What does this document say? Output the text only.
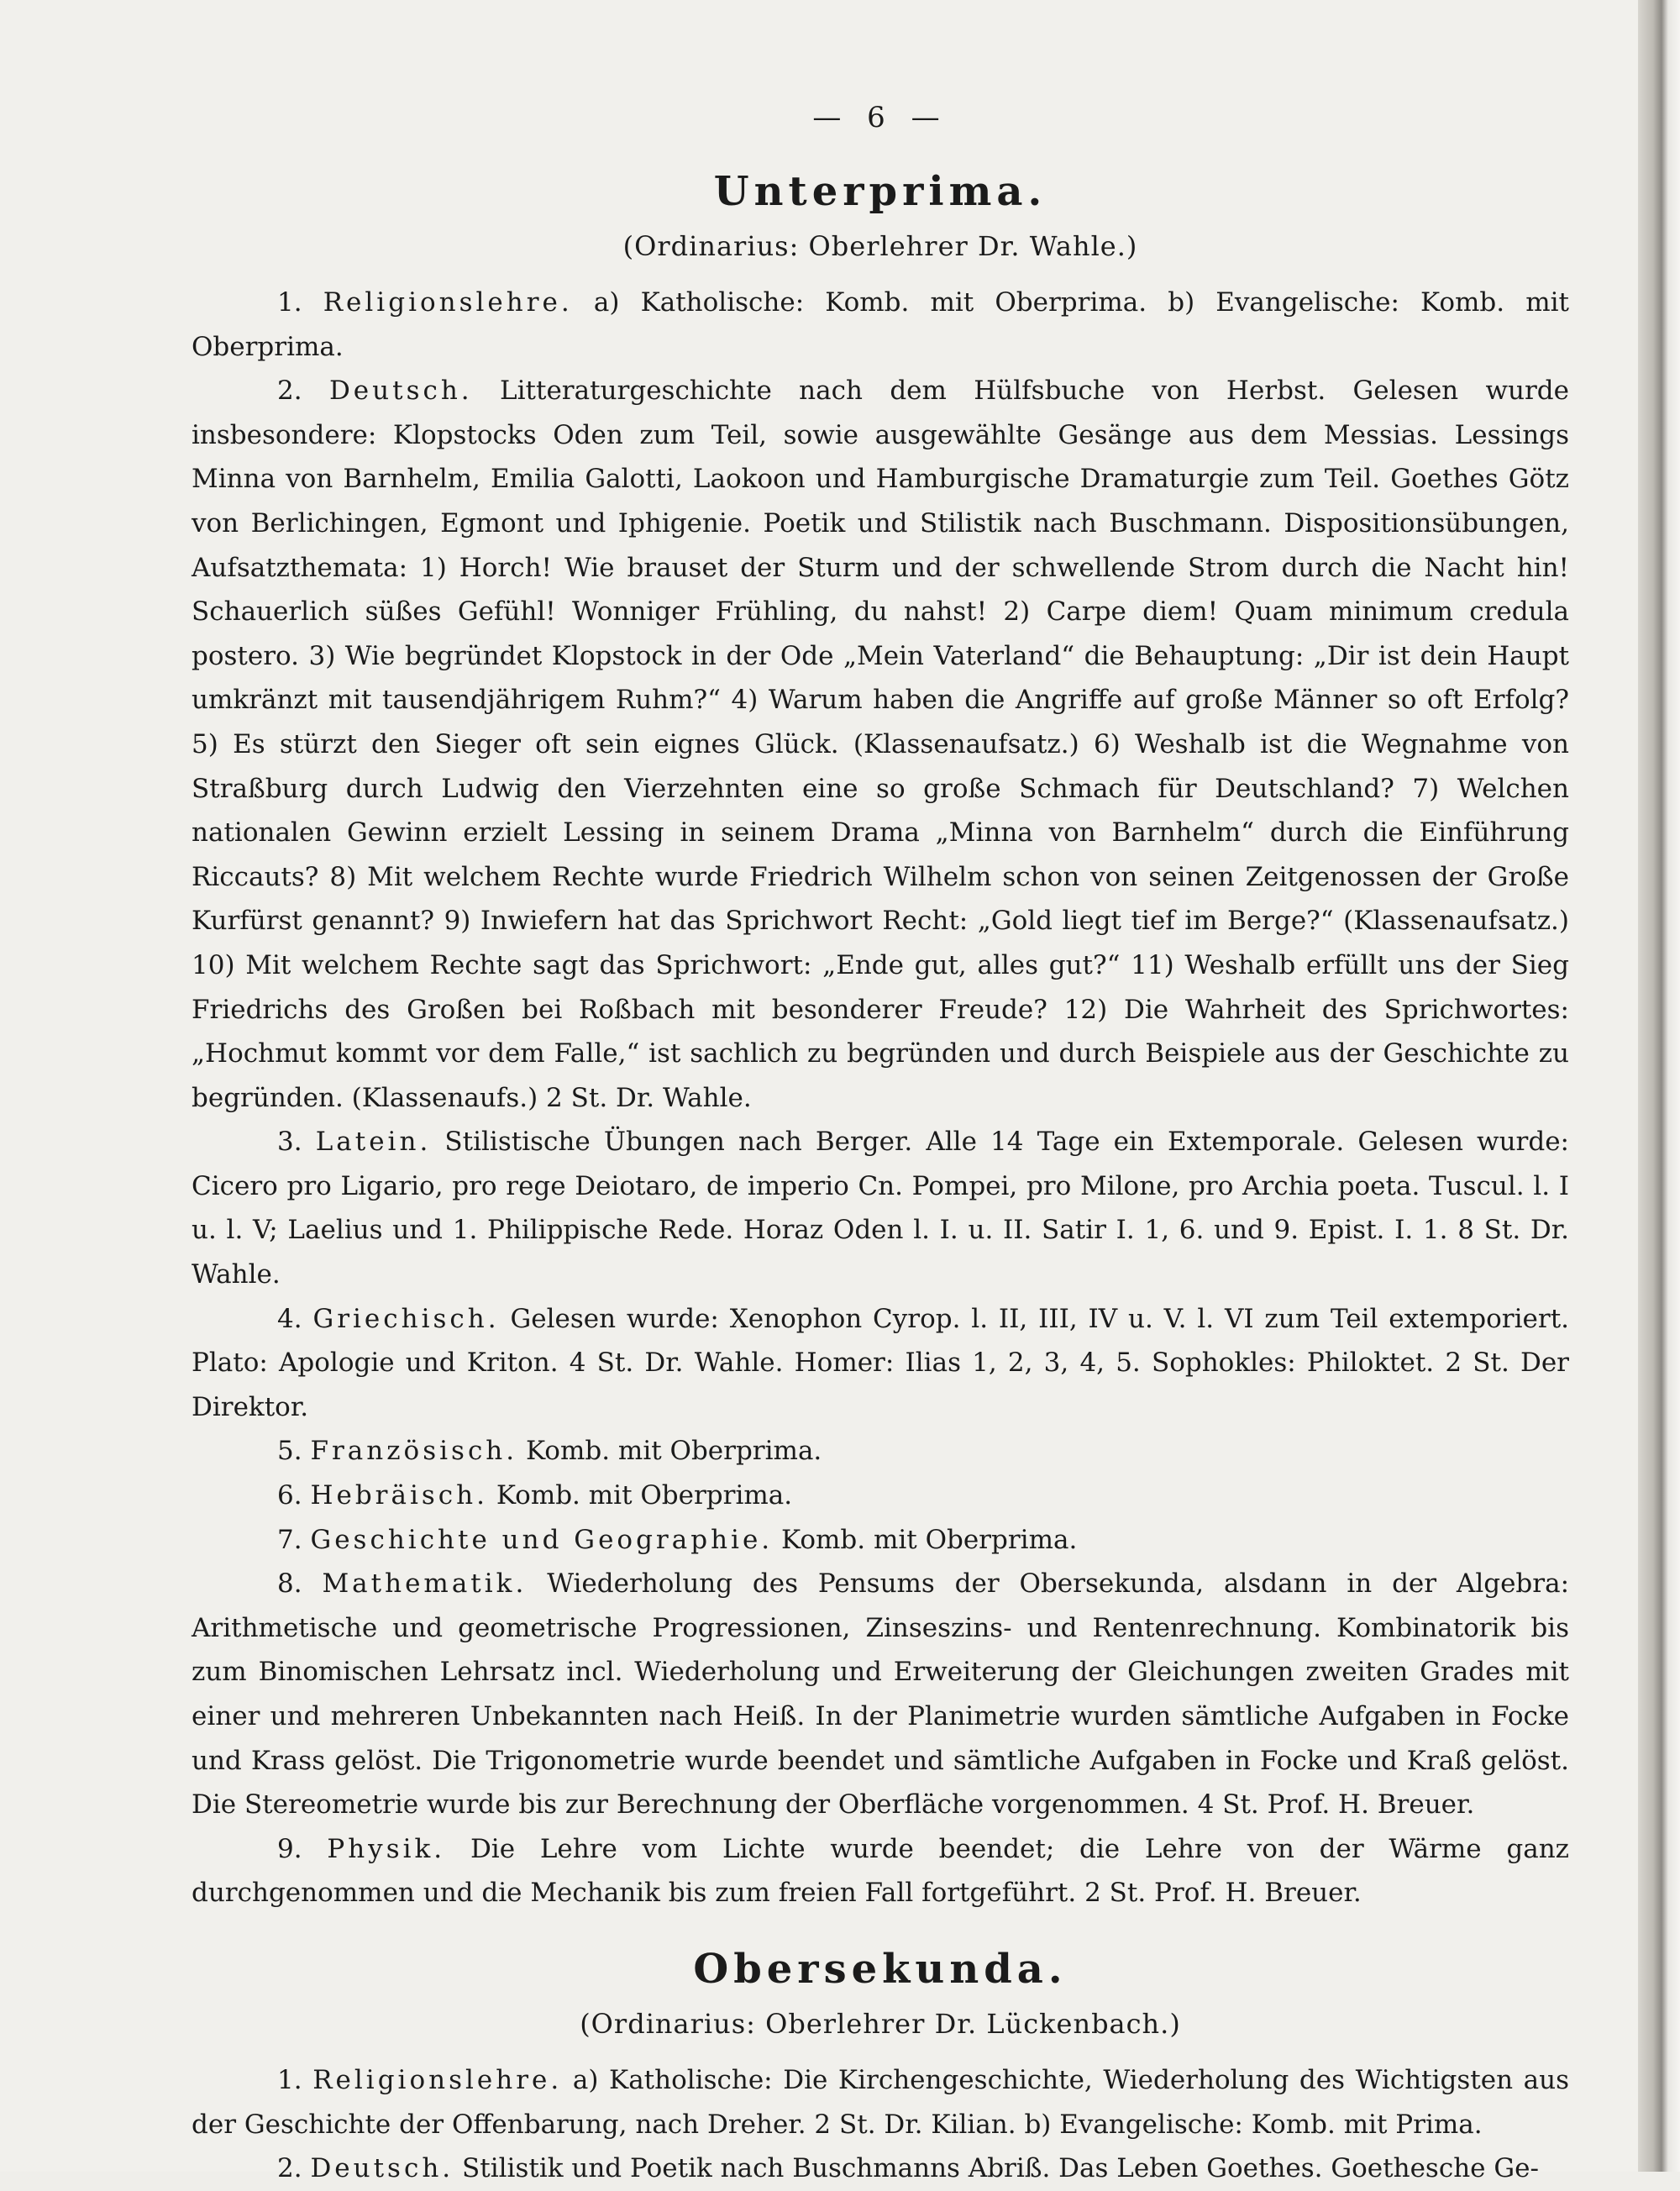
— 6 —
Unterprima.
(Ordinarius: Oberlehrer Dr. Wahle.)

1. Religionslehre. a) Katholische: Komb. mit Oberprima. b) Evangelische: Komb. mit Oberprima.

2. Deutsch. Litteraturgeschichte nach dem Hülfsbuche von Herbst. Gelesen wurde insbesondere: Klopstocks Oden zum Teil, sowie ausgewählte Gesänge aus dem Messias. Lessings Minna von Barnhelm, Emilia Galotti, Laokoon und Hamburgische Dramaturgie zum Teil. Goethes Götz von Berlichingen, Egmont und Iphigenie. Poetik und Stilistik nach Buschmann. Dispositionsübungen, Aufsatzthemata: 1) Horch! Wie brauset der Sturm und der schwellende Strom durch die Nacht hin! Schauerlich süßes Gefühl! Wonniger Frühling, du nahst! 2) Carpe diem! Quam minimum credula postero. 3) Wie begründet Klopstock in der Ode „Mein Vaterland“ die Behauptung: „Dir ist dein Haupt umkränzt mit tausendjährigem Ruhm?“ 4) Warum haben die Angriffe auf große Männer so oft Erfolg? 5) Es stürzt den Sieger oft sein eignes Glück. (Klassenaufsatz.) 6) Weshalb ist die Wegnahme von Straßburg durch Ludwig den Vierzehnten eine so große Schmach für Deutschland? 7) Welchen nationalen Gewinn erzielt Lessing in seinem Drama „Minna von Barnhelm“ durch die Einführung Riccauts? 8) Mit welchem Rechte wurde Friedrich Wilhelm schon von seinen Zeitgenossen der Große Kurfürst genannt? 9) Inwiefern hat das Sprichwort Recht: „Gold liegt tief im Berge?“ (Klassenaufsatz.) 10) Mit welchem Rechte sagt das Sprichwort: „Ende gut, alles gut?“ 11) Weshalb erfüllt uns der Sieg Friedrichs des Großen bei Roßbach mit besonderer Freude? 12) Die Wahrheit des Sprichwortes: „Hochmut kommt vor dem Falle,“ ist sachlich zu begründen und durch Beispiele aus der Geschichte zu begründen. (Klassenaufs.) 2 St. Dr. Wahle.

3. Latein. Stilistische Übungen nach Berger. Alle 14 Tage ein Extemporale. Gelesen wurde: Cicero pro Ligario, pro rege Deiotaro, de imperio Cn. Pompei, pro Milone, pro Archia poeta. Tuscul. l. I u. l. V; Laelius und 1. Philippische Rede. Horaz Oden l. I. u. II. Satir I. 1, 6. und 9. Epist. I. 1. 8 St. Dr. Wahle.

4. Griechisch. Gelesen wurde: Xenophon Cyrop. l. II, III, IV u. V. l. VI zum Teil extemporiert. Plato: Apologie und Kriton. 4 St. Dr. Wahle. Homer: Ilias 1, 2, 3, 4, 5. Sophokles: Philoktet. 2 St. Der Direktor.

5. Französisch. Komb. mit Oberprima.

6. Hebräisch. Komb. mit Oberprima.

7. Geschichte und Geographie. Komb. mit Oberprima.

8. Mathematik. Wiederholung des Pensums der Obersekunda, alsdann in der Algebra: Arithmetische und geometrische Progressionen, Zinseszins- und Rentenrechnung. Kombinatorik bis zum Binomischen Lehrsatz incl. Wiederholung und Erweiterung der Gleichungen zweiten Grades mit einer und mehreren Unbekannten nach Heiß. In der Planimetrie wurden sämtliche Aufgaben in Focke und Krass gelöst. Die Trigonometrie wurde beendet und sämtliche Aufgaben in Focke und Kraß gelöst. Die Stereometrie wurde bis zur Berechnung der Oberfläche vorgenommen. 4 St. Prof. H. Breuer.

9. Physik. Die Lehre vom Lichte wurde beendet; die Lehre von der Wärme ganz durchgenommen und die Mechanik bis zum freien Fall fortgeführt. 2 St. Prof. H. Breuer.

Obersekunda.
(Ordinarius: Oberlehrer Dr. Lückenbach.)

1. Religionslehre. a) Katholische: Die Kirchengeschichte, Wiederholung des Wichtigsten aus der Geschichte der Offenbarung, nach Dreher. 2 St. Dr. Kilian. b) Evangelische: Komb. mit Prima.

2. Deutsch. Stilistik und Poetik nach Buschmanns Abriß. Das Leben Goethes. Goethesche Ge-
